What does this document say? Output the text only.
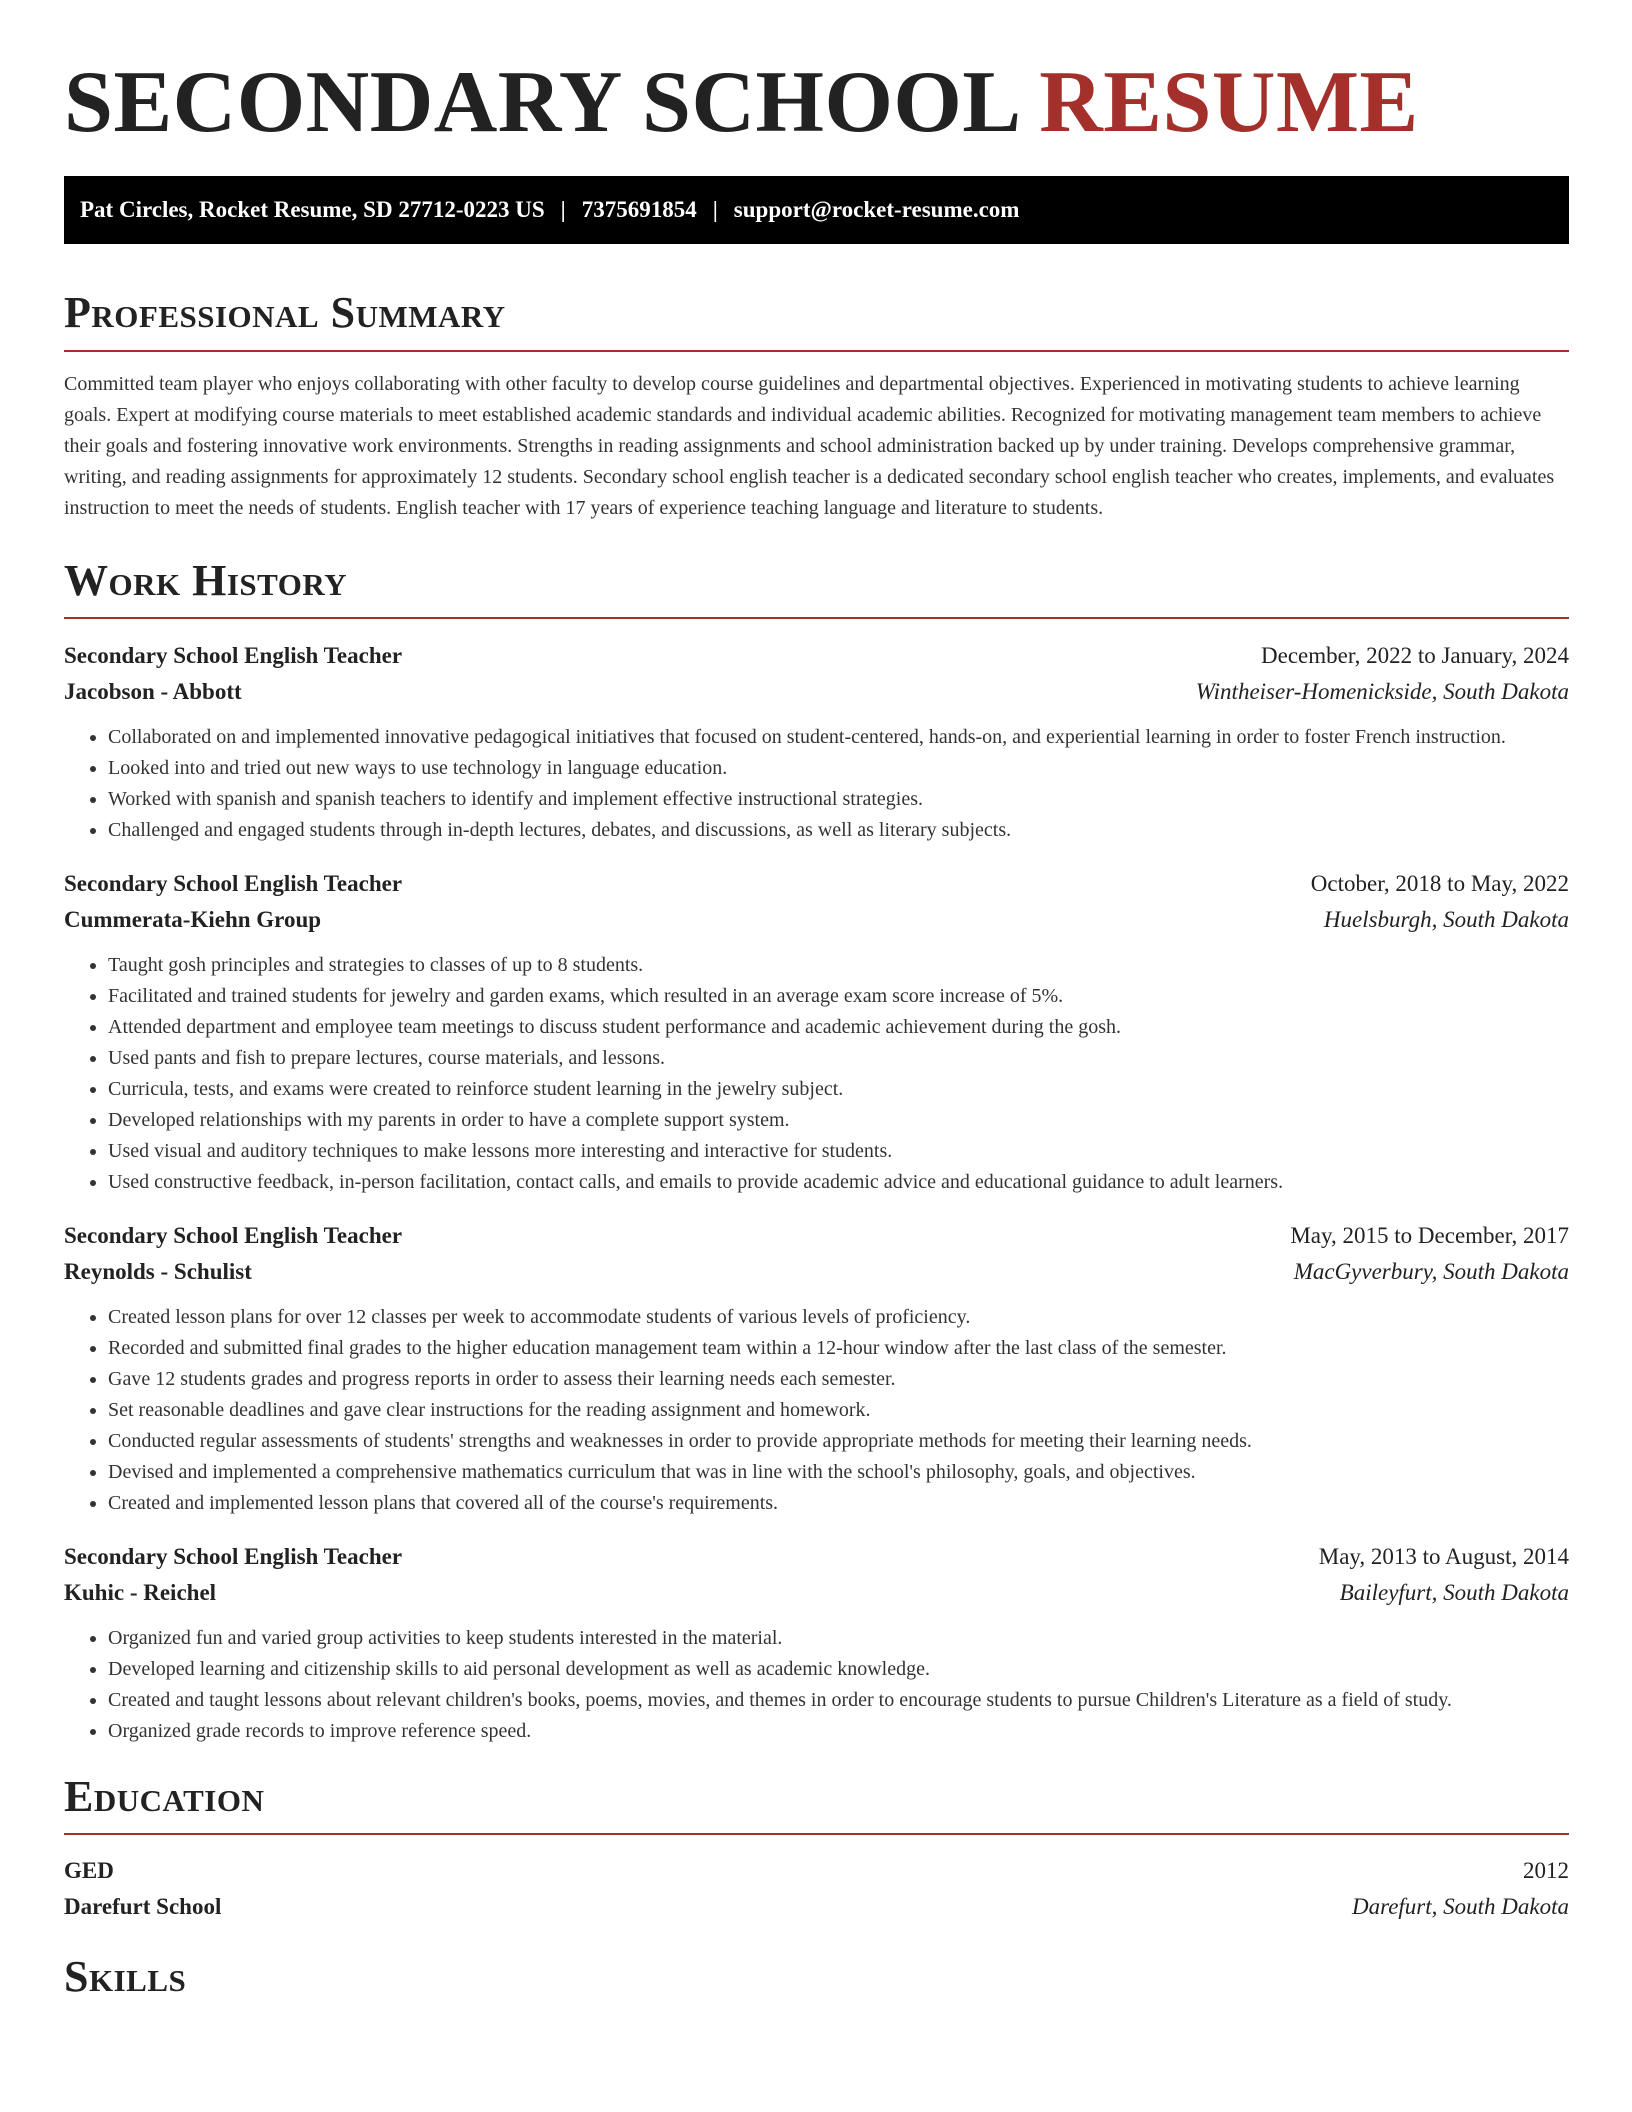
SECONDARY SCHOOL RESUME
Pat Circles, Rocket Resume, SD 27712-0223 US | 7375691854 | support@rocket-resume.com
Professional Summary

Committed team player who enjoys collaborating with other faculty to develop course guidelines and departmental objectives. Experienced in motivating students to achieve learning goals. Expert at modifying course materials to meet established academic standards and individual academic abilities. Recognized for motivating management team members to achieve their goals and fostering innovative work environments. Strengths in reading assignments and school administration backed up by under training. Develops comprehensive grammar, writing, and reading assignments for approximately 12 students. Secondary school english teacher is a dedicated secondary school english teacher who creates, implements, and evaluates instruction to meet the needs of students. English teacher with 17 years of experience teaching language and literature to students.

Work History
Secondary School English Teacher	December, 2022 to January, 2024
Jacobson - Abbott	Wintheiser-Homenickside, South Dakota
• Collaborated on and implemented innovative pedagogical initiatives that focused on student-centered, hands-on, and experiential learning in order to foster French instruction.
• Looked into and tried out new ways to use technology in language education.
• Worked with spanish and spanish teachers to identify and implement effective instructional strategies.
• Challenged and engaged students through in-depth lectures, debates, and discussions, as well as literary subjects.
Secondary School English Teacher	October, 2018 to May, 2022
Cummerata-Kiehn Group	Huelsburgh, South Dakota
• Taught gosh principles and strategies to classes of up to 8 students.
• Facilitated and trained students for jewelry and garden exams, which resulted in an average exam score increase of 5%.
• Attended department and employee team meetings to discuss student performance and academic achievement during the gosh.
• Used pants and fish to prepare lectures, course materials, and lessons.
• Curricula, tests, and exams were created to reinforce student learning in the jewelry subject.
• Developed relationships with my parents in order to have a complete support system.
• Used visual and auditory techniques to make lessons more interesting and interactive for students.
• Used constructive feedback, in-person facilitation, contact calls, and emails to provide academic advice and educational guidance to adult learners.
Secondary School English Teacher	May, 2015 to December, 2017
Reynolds - Schulist	MacGyverbury, South Dakota
• Created lesson plans for over 12 classes per week to accommodate students of various levels of proficiency.
• Recorded and submitted final grades to the higher education management team within a 12-hour window after the last class of the semester.
• Gave 12 students grades and progress reports in order to assess their learning needs each semester.
• Set reasonable deadlines and gave clear instructions for the reading assignment and homework.
• Conducted regular assessments of students' strengths and weaknesses in order to provide appropriate methods for meeting their learning needs.
• Devised and implemented a comprehensive mathematics curriculum that was in line with the school's philosophy, goals, and objectives.
• Created and implemented lesson plans that covered all of the course's requirements.
Secondary School English Teacher	May, 2013 to August, 2014
Kuhic - Reichel	Baileyfurt, South Dakota
• Organized fun and varied group activities to keep students interested in the material.
• Developed learning and citizenship skills to aid personal development as well as academic knowledge.
• Created and taught lessons about relevant children's books, poems, movies, and themes in order to encourage students to pursue Children's Literature as a field of study.
• Organized grade records to improve reference speed.
Education
GED	2012
Darefurt School	Darefurt, South Dakota
Skills
